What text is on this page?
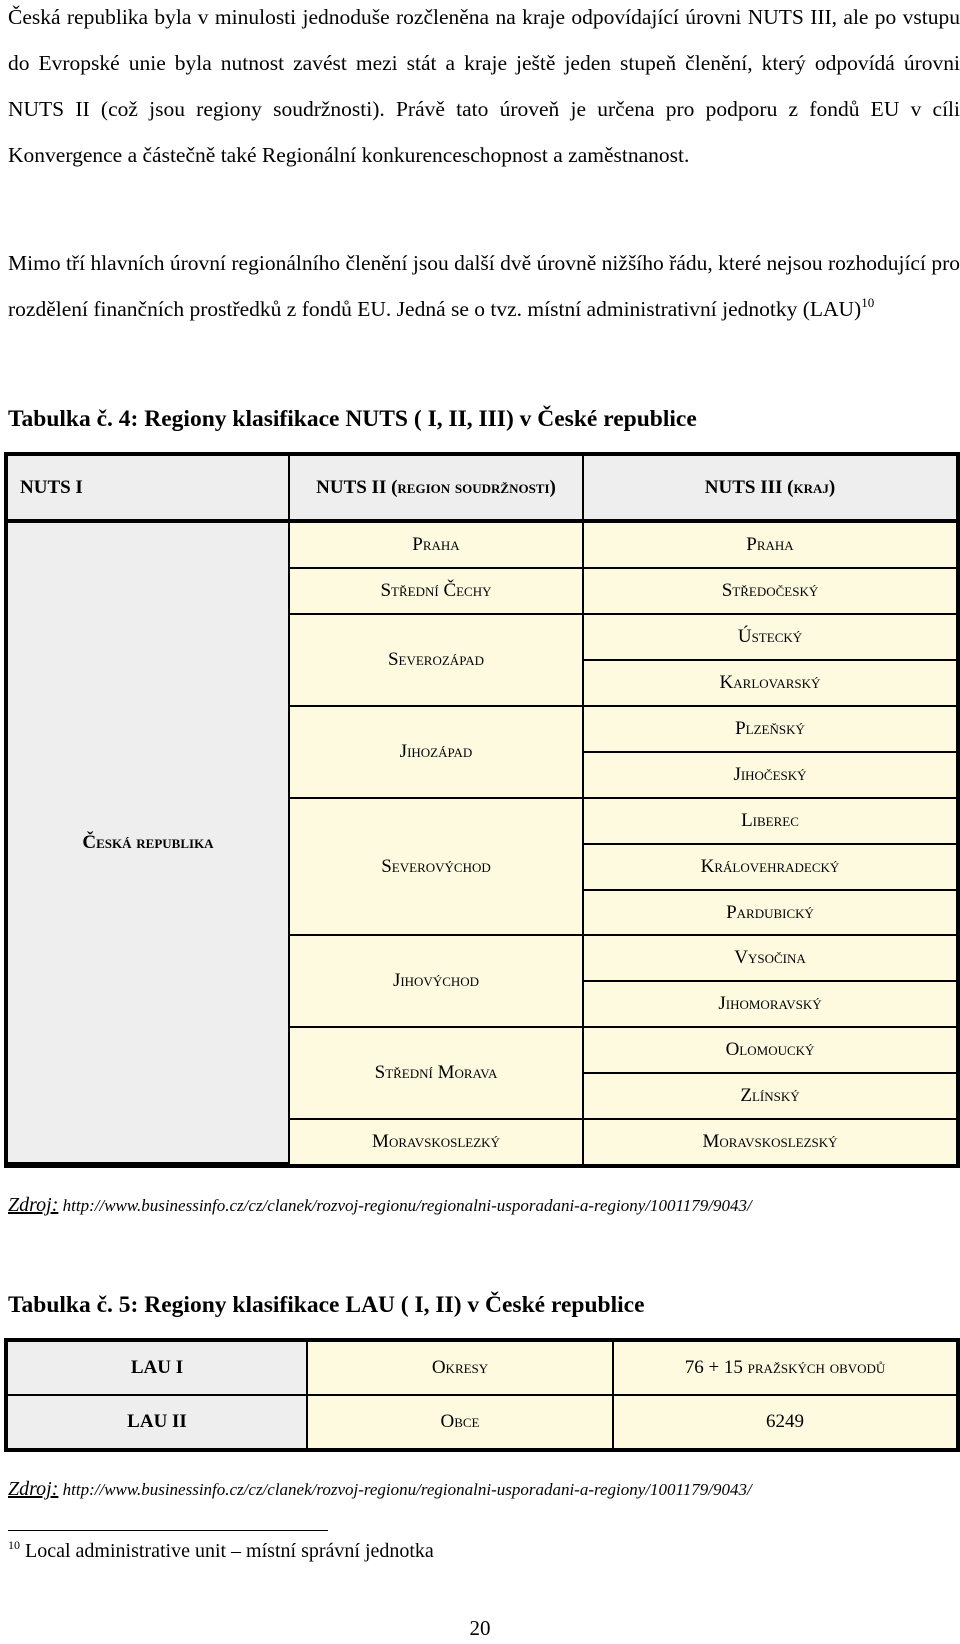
Česká republika byla v minulosti jednoduše rozčleněna na kraje odpovídající úrovni NUTS III, ale po vstupu do Evropské unie byla nutnost zavést mezi stát a kraje ještě jeden stupeň členění, který odpovídá úrovni NUTS II (což jsou regiony soudržnosti). Právě tato úroveň je určena pro podporu z fondů EU v cíli Konvergence a částečně také Regionální konkurenceschopnost a zaměstnanost.

Mimo tří hlavních úrovní regionálního členění jsou další dvě úrovně nižšího řádu, které nejsou rozhodující pro rozdělení finančních prostředků z fondů EU. Jedná se o tvz. místní administrativní jednotky (LAU)$^{10}$

Tabulka č. 4: Regiony klasifikace NUTS ( I, II, III) v České republice

NUTS I	NUTS II (region soudržnosti)	NUTS III (kraj)
Česká republika	Praha	Praha
	Střední Čechy	Středočeský
	Severozápad	Ústecký
		Karlovarský
	Jihozápad	Plzeňský
		Jihočeský
	Severovýchod	Liberec
		Královehradecký
		Pardubický
	Jihovýchod	Vysočina
		Jihomoravský
	Střední Morava	Olomoucký
		Zlínský
	Moravskoslezký	Moravskoslezský

Zdroj: http://www.businessinfo.cz/cz/clanek/rozvoj-regionu/regionalni-usporadani-a-regiony/1001179/9043/

Tabulka č. 5: Regiony klasifikace LAU ( I, II) v České republice

LAU I	Okresy	76 + 15 pražských obvodů
LAU II	Obce	6249

Zdroj: http://www.businessinfo.cz/cz/clanek/rozvoj-regionu/regionalni-usporadani-a-regiony/1001179/9043/

$^{10}$ Local administrative unit – místní správní jednotka

20
